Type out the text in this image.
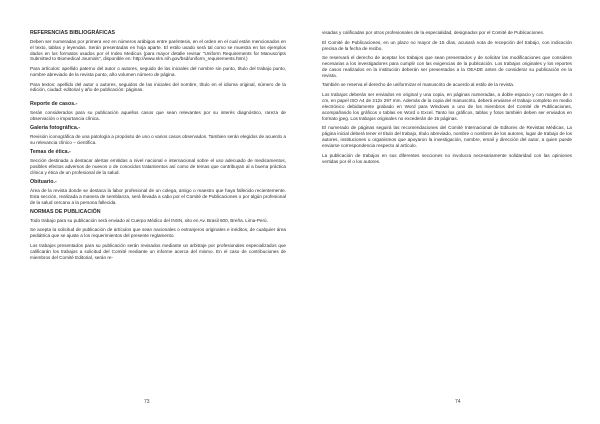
REFERENCIAS BIBLIOGRÁFICAS
Deben ser numeradas por primera vez en números arábigos entre paréntesis, en el orden en el cual están mencionados en el texto, tablas y leyendas. Serán presentadas en hoja aparte. El estilo usado será tal como se muestra en los ejemplos dados en los formatos usados por el Index Medicus (para mayor detalle revisar "Uniform Requirements for Manuscripts Submitted to Biomedical Journals", disponible en: http://www.nlm.nih.gov/bsd/uniform_requirements.html.)
Para artículos: apellido paterno del autor o autores, seguido de las iniciales del nombre sin punto, título del trabajo punto, nombre abreviado de la revista punto, año volumen número de página.
Para textos: apellido del autor o autores, seguidos de las iniciales del nombre, título en el idioma original, número de la edición, ciudad: editorial y año de publicación: páginas.
Reporte de casos.-
Serán considerados para su publicación aquellos casos que sean relevantes por su interés diagnóstico, rareza de observación o importancia clínica.
Galería fotográfica.-
Revisión iconográfica de una patología a propósito de uno o varios casos observados. Tambien serán elegidos de acuerdo a su relevancia clínico – científica.
Temas de ética.-
Sección destinada a destacar alertas emitidas a nivel nacional e internacional sobre el uso adecuado de medicamentos, posibles efectos adversos de nuevos o de conocidos tratamientos así como de temas que contribuyan al a buena práctica clínica y ética de un profesional de la salud.
Obituario.-
Área de la revista donde se destaca la labor profesional de un colega, amigo o maestro que haya fallecido recientemente. Esta sección, realizada a manera de semblanza, será llevada a cabo por el Comité de Publicaciones o por algún profesional de la salud cercano a la persona fallecida.
NORMAS DE PUBLICACIÓN
Todo trabajo para su publicación será enviado al Cuerpo Médico del INSN, sito en Av. Brasil 600, Breña. Lima-Perú.
Se acepta la solicitud de publicación de artículos que sean nacionales o extranjeros originales e inéditos, de cualquier área pediátrica que se ajuste a los requerimientos del presente reglamento.
Los trabajos presentados para su publicación serán revisados mediante un arbitraje por profesionales especializados que calificarán los trabajos a solicitud del Comité mediante un informe acerca del mismo. En el caso de contribuciones de miembros del Comité Editorial, serán re-
visadas y calificadas por otros profesionales de la especialidad, designados por el Comité de Publicaciones.
El Comité de Publicaciones, en un plazo no mayor de 15 días, acusará nota de recepción del trabajo, con indicación precisa de la fecha de recibo.
Se reservará el derecho de aceptar los trabajos que sean presentados y de solicitar las modificaciones que considere necesarias a los investigadores para cumplir con las exigencias de la publicación. Los trabajos originales y los reportes de casos realizados en la institución deberán ser presentados a la OEADE antes de considerar su publicación en la revista.
También se reserva el derecho de uniformizar el manuscrito de acuerdo al estilo de la revista.
Los trabajos deberán ser enviados en original y una copia, en páginas numeradas, a doble espacio y con margen de 4 cm, en papel ISO A4 de 212x 297 mm. Además de la copia del manuscrito, deberá enviarse el trabajo completo en medio electrónico debidamente grabado en Word para Windows a uno de los miembros del Comité de Publicaciones, acompañando los gráficos o tablas en Word o Excel. Tanto los gráficos, tablas y fotos también deben ser enviados en formato jpeg. Los trabajos originales no excederán de 15 páginas.
El numerado de páginas seguirá las recomendaciones del Comité Internacional de Editores de Revistas Médicas. La página inicial deberá tener el título del trabajo, título abreviado, nombre o nombres de los autores, lugar de trabajo de los autores, instituciones u organismos que apoyaron la investigación, nombre, email y dirección del autor, a quien puede enviarse correspondencia respecto al artículo.
La publicación de trabajos en sus diferentes secciones no involucra necesariamente solidaridad con las opiniones vertidas por él o los autores.
73	74
